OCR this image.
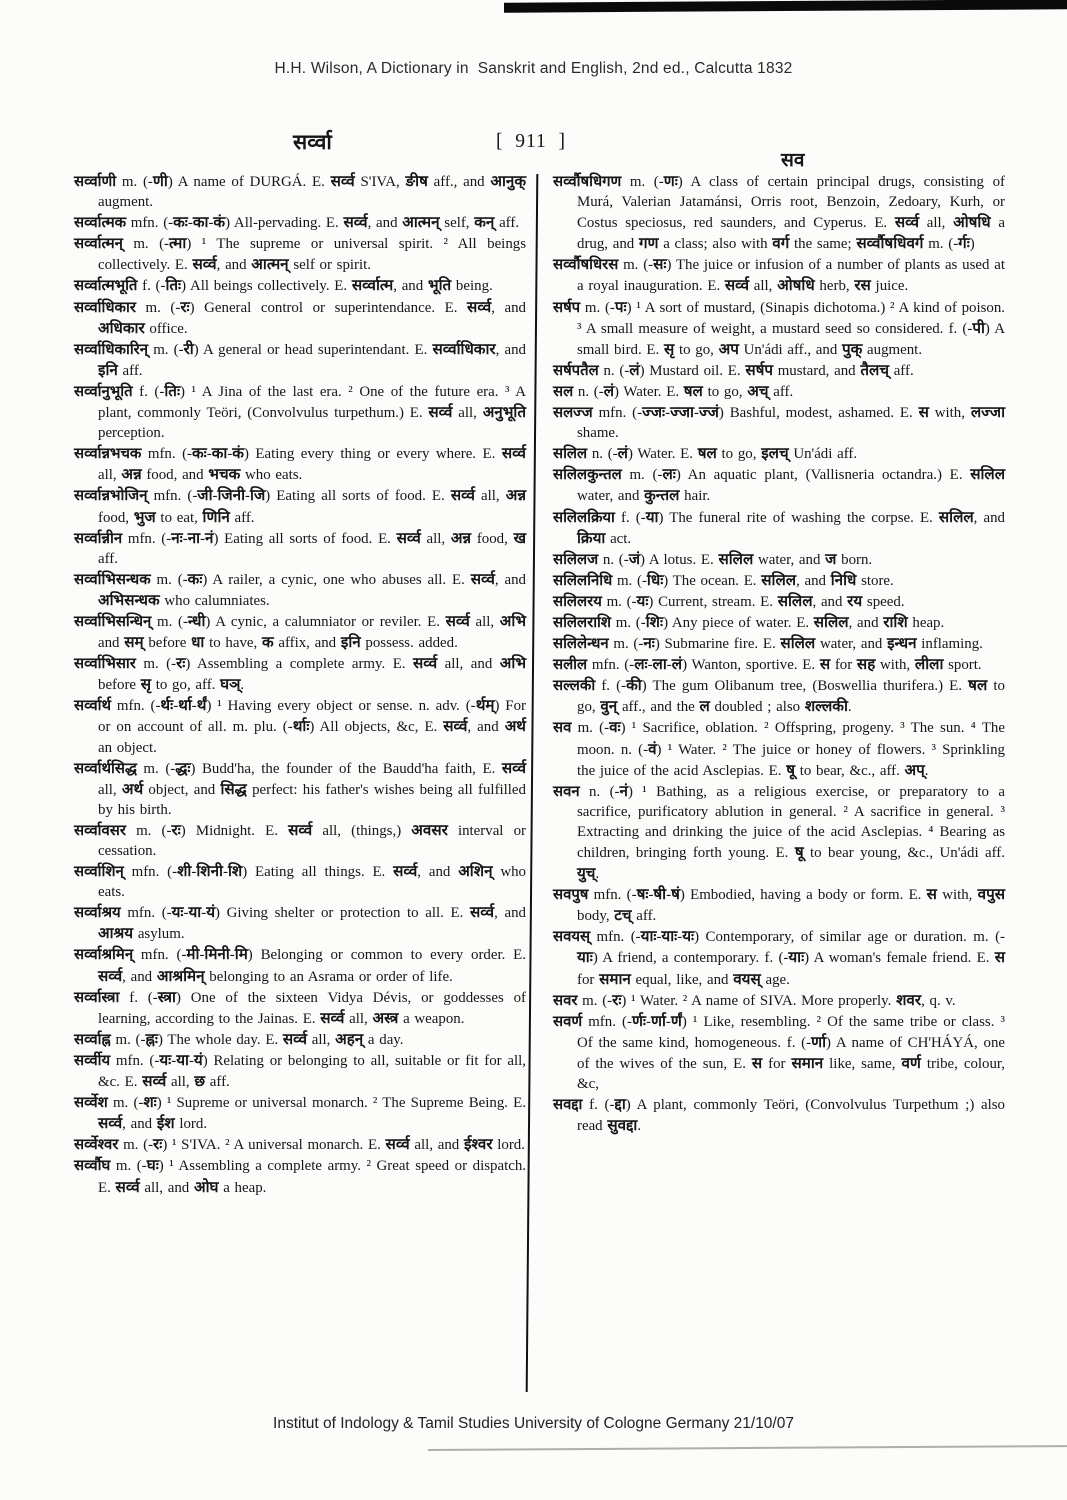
H.H. Wilson, A Dictionary in  Sanskrit and English, 2nd ed., Calcutta 1832
सर्व्वा	[  911  ]
सव

सर्व्वाणी m. (-णी) A name of DURGÁ. E. सर्व्व S'IVA, ङीष aff., and आनुक् augment.

सर्व्वात्मक mfn. (-कः-का-कं) All-pervading. E. सर्व्व, and आत्मन् self, कन् aff.

सर्व्वात्मन् m. (-त्मा) ¹ The supreme or universal spirit. ² All beings collectively. E. सर्व्व, and आत्मन् self or spirit.

सर्व्वात्मभूति f. (-तिः) All beings collectively. E. सर्व्वात्म, and भूति being.

सर्व्वाधिकार m. (-रः) General control or superintendance. E. सर्व्व, and अधिकार office.

सर्व्वाधिकारिन् m. (-री) A general or head superintendant. E. सर्व्वाधिकार, and इनि aff.

सर्व्वानुभूति f. (-तिः) ¹ A Jina of the last era. ² One of the future era. ³ A plant, commonly Teöri, (Convolvulus turpethum.) E. सर्व्व all, अनुभूति perception.

सर्व्वान्नभचक mfn. (-कः-का-कं) Eating every thing or every where. E. सर्व्व all, अन्न food, and भचक who eats.

सर्व्वान्नभोजिन् mfn. (-जी-जिनी-जि) Eating all sorts of food. E. सर्व्व all, अन्न food, भुज to eat, णिनि aff.

सर्व्वान्नीन mfn. (-नः-ना-नं) Eating all sorts of food. E. सर्व्व all, अन्न food, ख aff.

सर्व्वाभिसन्धक m. (-कः) A railer, a cynic, one who abuses all. E. सर्व्व, and अभिसन्धक who calumniates.

सर्व्वाभिसन्धिन् m. (-न्धी) A cynic, a calumniator or reviler. E. सर्व्व all, अभि and सम् before धा to have, क affix, and इनि possess. added.

सर्व्वाभिसार m. (-रः) Assembling a complete army. E. सर्व्व all, and अभि before सृ to go, aff. घञ्.

सर्व्वार्थ mfn. (-र्थः-र्था-र्थं) ¹ Having every object or sense. n. adv. (-र्थम्) For or on account of all. m. plu. (-र्थाः) All objects, &c, E. सर्व्व, and अर्थ an object.

सर्व्वार्थसिद्ध m. (-द्धः) Budd'ha, the founder of the Baudd'ha faith, E. सर्व्व all, अर्थ object, and सिद्ध perfect: his father's wishes being all fulfilled by his birth.

सर्व्वावसर m. (-रः) Midnight. E. सर्व्व all, (things,) अवसर interval or cessation.

सर्व्वाशिन् mfn. (-शी-शिनी-शि) Eating all things. E. सर्व्व, and अशिन् who eats.

सर्व्वाश्रय mfn. (-यः-या-यं) Giving shelter or protection to all. E. सर्व्व, and आश्रय asylum.

सर्व्वाश्रमिन् mfn. (-मी-मिनी-मि) Belonging or common to every order. E. सर्व्व, and आश्रमिन् belonging to an Asrama or order of life.

सर्व्वास्त्रा f. (-स्त्रा) One of the sixteen Vidya Dévis, or goddesses of learning, according to the Jainas. E. सर्व्व all, अस्त्र a weapon.

सर्व्वाह्न m. (-ह्नः) The whole day. E. सर्व्व all, अहन् a day.

सर्व्वीय mfn. (-यः-या-यं) Relating or belonging to all, suitable or fit for all, &c. E. सर्व्व all, छ aff.

सर्व्वेश m. (-शः) ¹ Supreme or universal monarch. ² The Supreme Being. E. सर्व्व, and ईश lord.

सर्व्वेश्वर m. (-रः) ¹ S'IVA. ² A universal monarch. E. सर्व्व all, and ईश्वर lord.

सर्व्वौघ m. (-घः) ¹ Assembling a complete army. ² Great speed or dispatch. E. सर्व्व all, and ओघ a heap.

सर्व्वौषधिगण m. (-णः) A class of certain principal drugs, consisting of Murá, Valerian Jatamánsi, Orris root, Benzoin, Zedoary, Kurh, or Costus speciosus, red saunders, and Cyperus. E. सर्व्व all, ओषधि a drug, and गण a class; also with वर्ग the same; सर्व्वौषधिवर्ग m. (-र्गः)

सर्व्वौषधिरस m. (-सः) The juice or infusion of a number of plants as used at a royal inauguration. E. सर्व्व all, ओषधि herb, रस juice.

सर्षप m. (-पः) ¹ A sort of mustard, (Sinapis dichotoma.) ² A kind of poison. ³ A small measure of weight, a mustard seed so considered. f. (-पी) A small bird. E. सृ to go, अप Un'ádi aff., and पुक् augment.

सर्षपतैल n. (-लं) Mustard oil. E. सर्षप mustard, and तैलच् aff.

सल n. (-लं) Water. E. षल to go, अच् aff.

सलज्ज mfn. (-ज्जः-ज्जा-ज्जं) Bashful, modest, ashamed. E. स with, लज्जा shame.

सलिल n. (-लं) Water. E. षल to go, इलच् Un'ádi aff.

सलिलकुन्तल m. (-लः) An aquatic plant, (Vallisneria octandra.) E. सलिल water, and कुन्तल hair.

सलिलक्रिया f. (-या) The funeral rite of washing the corpse. E. सलिल, and क्रिया act.

सलिलज n. (-जं) A lotus. E. सलिल water, and ज born.

सलिलनिधि m. (-धिः) The ocean. E. सलिल, and निधि store.

सलिलरय m. (-यः) Current, stream. E. सलिल, and रय speed.

सलिलराशि m. (-शिः) Any piece of water. E. सलिल, and राशि heap.

सलिलेन्धन m. (-नः) Submarine fire. E. सलिल water, and इन्धन inflaming.

सलील mfn. (-लः-ला-लं) Wanton, sportive. E. स for सह with, लीला sport.

सल्लकी f. (-की) The gum Olibanum tree, (Boswellia thurifera.) E. षल to go, वुन् aff., and the ल doubled ; also शल्लकी.

सव m. (-वः) ¹ Sacrifice, oblation. ² Offspring, progeny. ³ The sun. ⁴ The moon. n. (-वं) ¹ Water. ² The juice or honey of flowers. ³ Sprinkling the juice of the acid Asclepias. E. षू to bear, &c., aff. अप्.

सवन n. (-नं) ¹ Bathing, as a religious exercise, or preparatory to a sacrifice, purificatory ablution in general. ² A sacrifice in general. ³ Extracting and drinking the juice of the acid Asclepias. ⁴ Bearing as children, bringing forth young. E. षू to bear young, &c., Un'ádi aff. युच्.

सवपुष mfn. (-षः-षी-षं) Embodied, having a body or form. E. स with, वपुस body, टच् aff.

सवयस् mfn. (-याः-याः-यः) Contemporary, of similar age or duration. m. (-याः) A friend, a contemporary. f. (-याः) A woman's female friend. E. स for समान equal, like, and वयस् age.

सवर m. (-रः) ¹ Water. ² A name of SIVA. More properly. शवर, q. v.

सवर्ण mfn. (-र्णः-र्णा-र्णं) ¹ Like, resembling. ² Of the same tribe or class. ³ Of the same kind, homogeneous. f. (-र्णा) A name of CH'HÁYÁ, one of the wives of the sun, E. स for समान like, same, वर्ण tribe, colour, &c,

सवद्दा f. (-द्दा) A plant, commonly Teöri, (Convolvulus Turpethum ;) also read सुवद्दा.

Institut of Indology & Tamil Studies University of Cologne Germany 21/10/07
